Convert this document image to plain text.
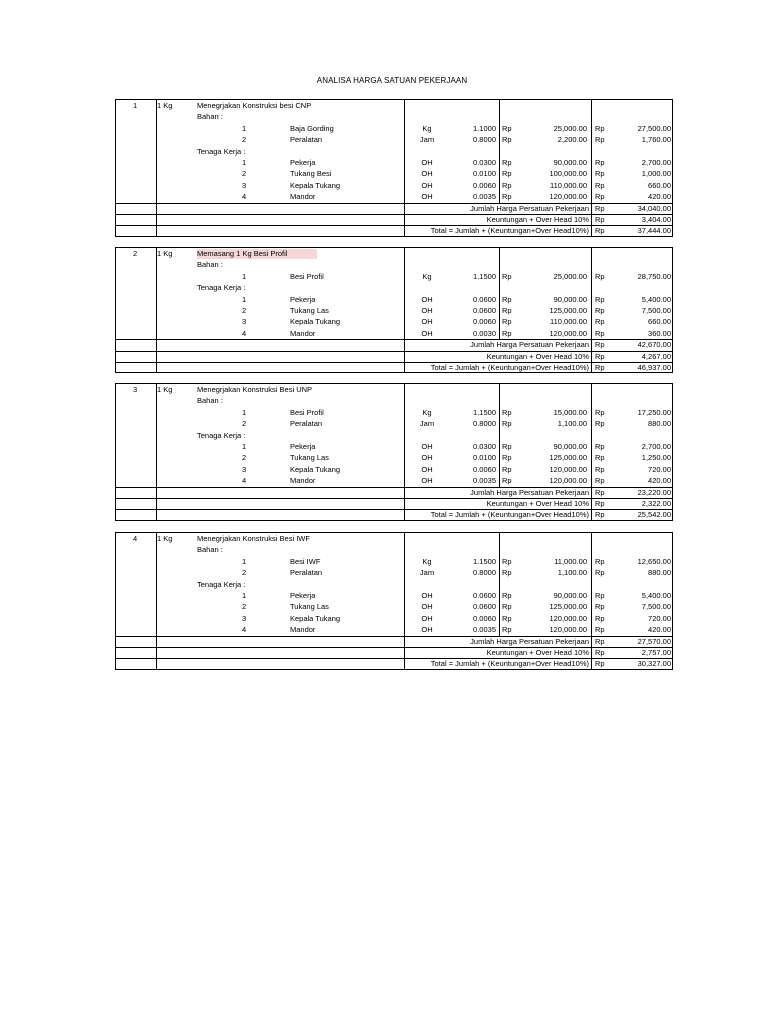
ANALISA HARGA SATUAN PEKERJAAN
1	1 Kg	Menegrjakan Konstruksi besi CNP
Bahan :
1	Baja Gording	Kg	1.1000 Rp	25,000.00 Rp	27,500.00
2	Peralatan	Jam	0.8000 Rp	2,200.00 Rp	1,760.00
Tenaga Kerja :
1	Pekerja	OH	0.0300 Rp	90,000.00 Rp	2,700.00
2	Tukang Besi	OH	0.0100 Rp	100,000.00 Rp	1,000.00
3	Kepala Tukang	OH	0.0060 Rp	110,000.00 Rp	660.00
4	Mandor	OH	0.0035 Rp	120,000.00 Rp	420.00
Jumlah Harga Persatuan Pekerjaan Rp	34,040.00
Keuntungan + Over Head 10% Rp	3,404.00
Total = Jumlah + (Keuntungan+Over Head10%) Rp	37,444.00
2	1 Kg	Memasang 1 Kg Besi Profil
Bahan :
1	Besi Profil	Kg	1.1500 Rp	25,000.00 Rp	28,750.00
Tenaga Kerja :
1	Pekerja	OH	0.0600 Rp	90,000.00 Rp	5,400.00
2	Tukang Las	OH	0.0600 Rp	125,000.00 Rp	7,500.00
3	Kepala Tukang	OH	0.0060 Rp	110,000.00 Rp	660.00
4	Mandor	OH	0.0030 Rp	120,000.00 Rp	360.00
Jumlah Harga Persatuan Pekerjaan Rp	42,670.00
Keuntungan + Over Head 10% Rp	4,267.00
Total = Jumlah + (Keuntungan+Over Head10%) Rp	46,937.00
3	1 Kg	Menegrjakan Konstruksi Besi UNP
Bahan :
1	Besi Profil	Kg	1.1500 Rp	15,000.00 Rp	17,250.00
2	Peralatan	Jam	0.8000 Rp	1,100.00 Rp	880.00
Tenaga Kerja :
1	Pekerja	OH	0.0300 Rp	90,000.00 Rp	2,700.00
2	Tukang Las	OH	0.0100 Rp	125,000.00 Rp	1,250.00
3	Kepala Tukang	OH	0.0060 Rp	120,000.00 Rp	720.00
4	Mandor	OH	0.0035 Rp	120,000.00 Rp	420.00
Jumlah Harga Persatuan Pekerjaan Rp	23,220.00
Keuntungan + Over Head 10% Rp	2,322.00
Total = Jumlah + (Keuntungan+Over Head10%) Rp	25,542.00
4	1 Kg	Menegrjakan Konstruksi Besi IWF
Bahan :
1	Besi IWF	Kg	1.1500 Rp	11,000.00 Rp	12,650.00
2	Peralatan	Jam	0.8000 Rp	1,100.00 Rp	880.00
Tenaga Kerja :
1	Pekerja	OH	0.0600 Rp	90,000.00 Rp	5,400.00
2	Tukang Las	OH	0.0600 Rp	125,000.00 Rp	7,500.00
3	Kepala Tukang	OH	0.0060 Rp	120,000.00 Rp	720.00
4	Mandor	OH	0.0035 Rp	120,000.00 Rp	420.00
Jumlah Harga Persatuan Pekerjaan Rp	27,570.00
Keuntungan + Over Head 10% Rp	2,757.00
Total = Jumlah + (Keuntungan+Over Head10%) Rp	30,327.00
